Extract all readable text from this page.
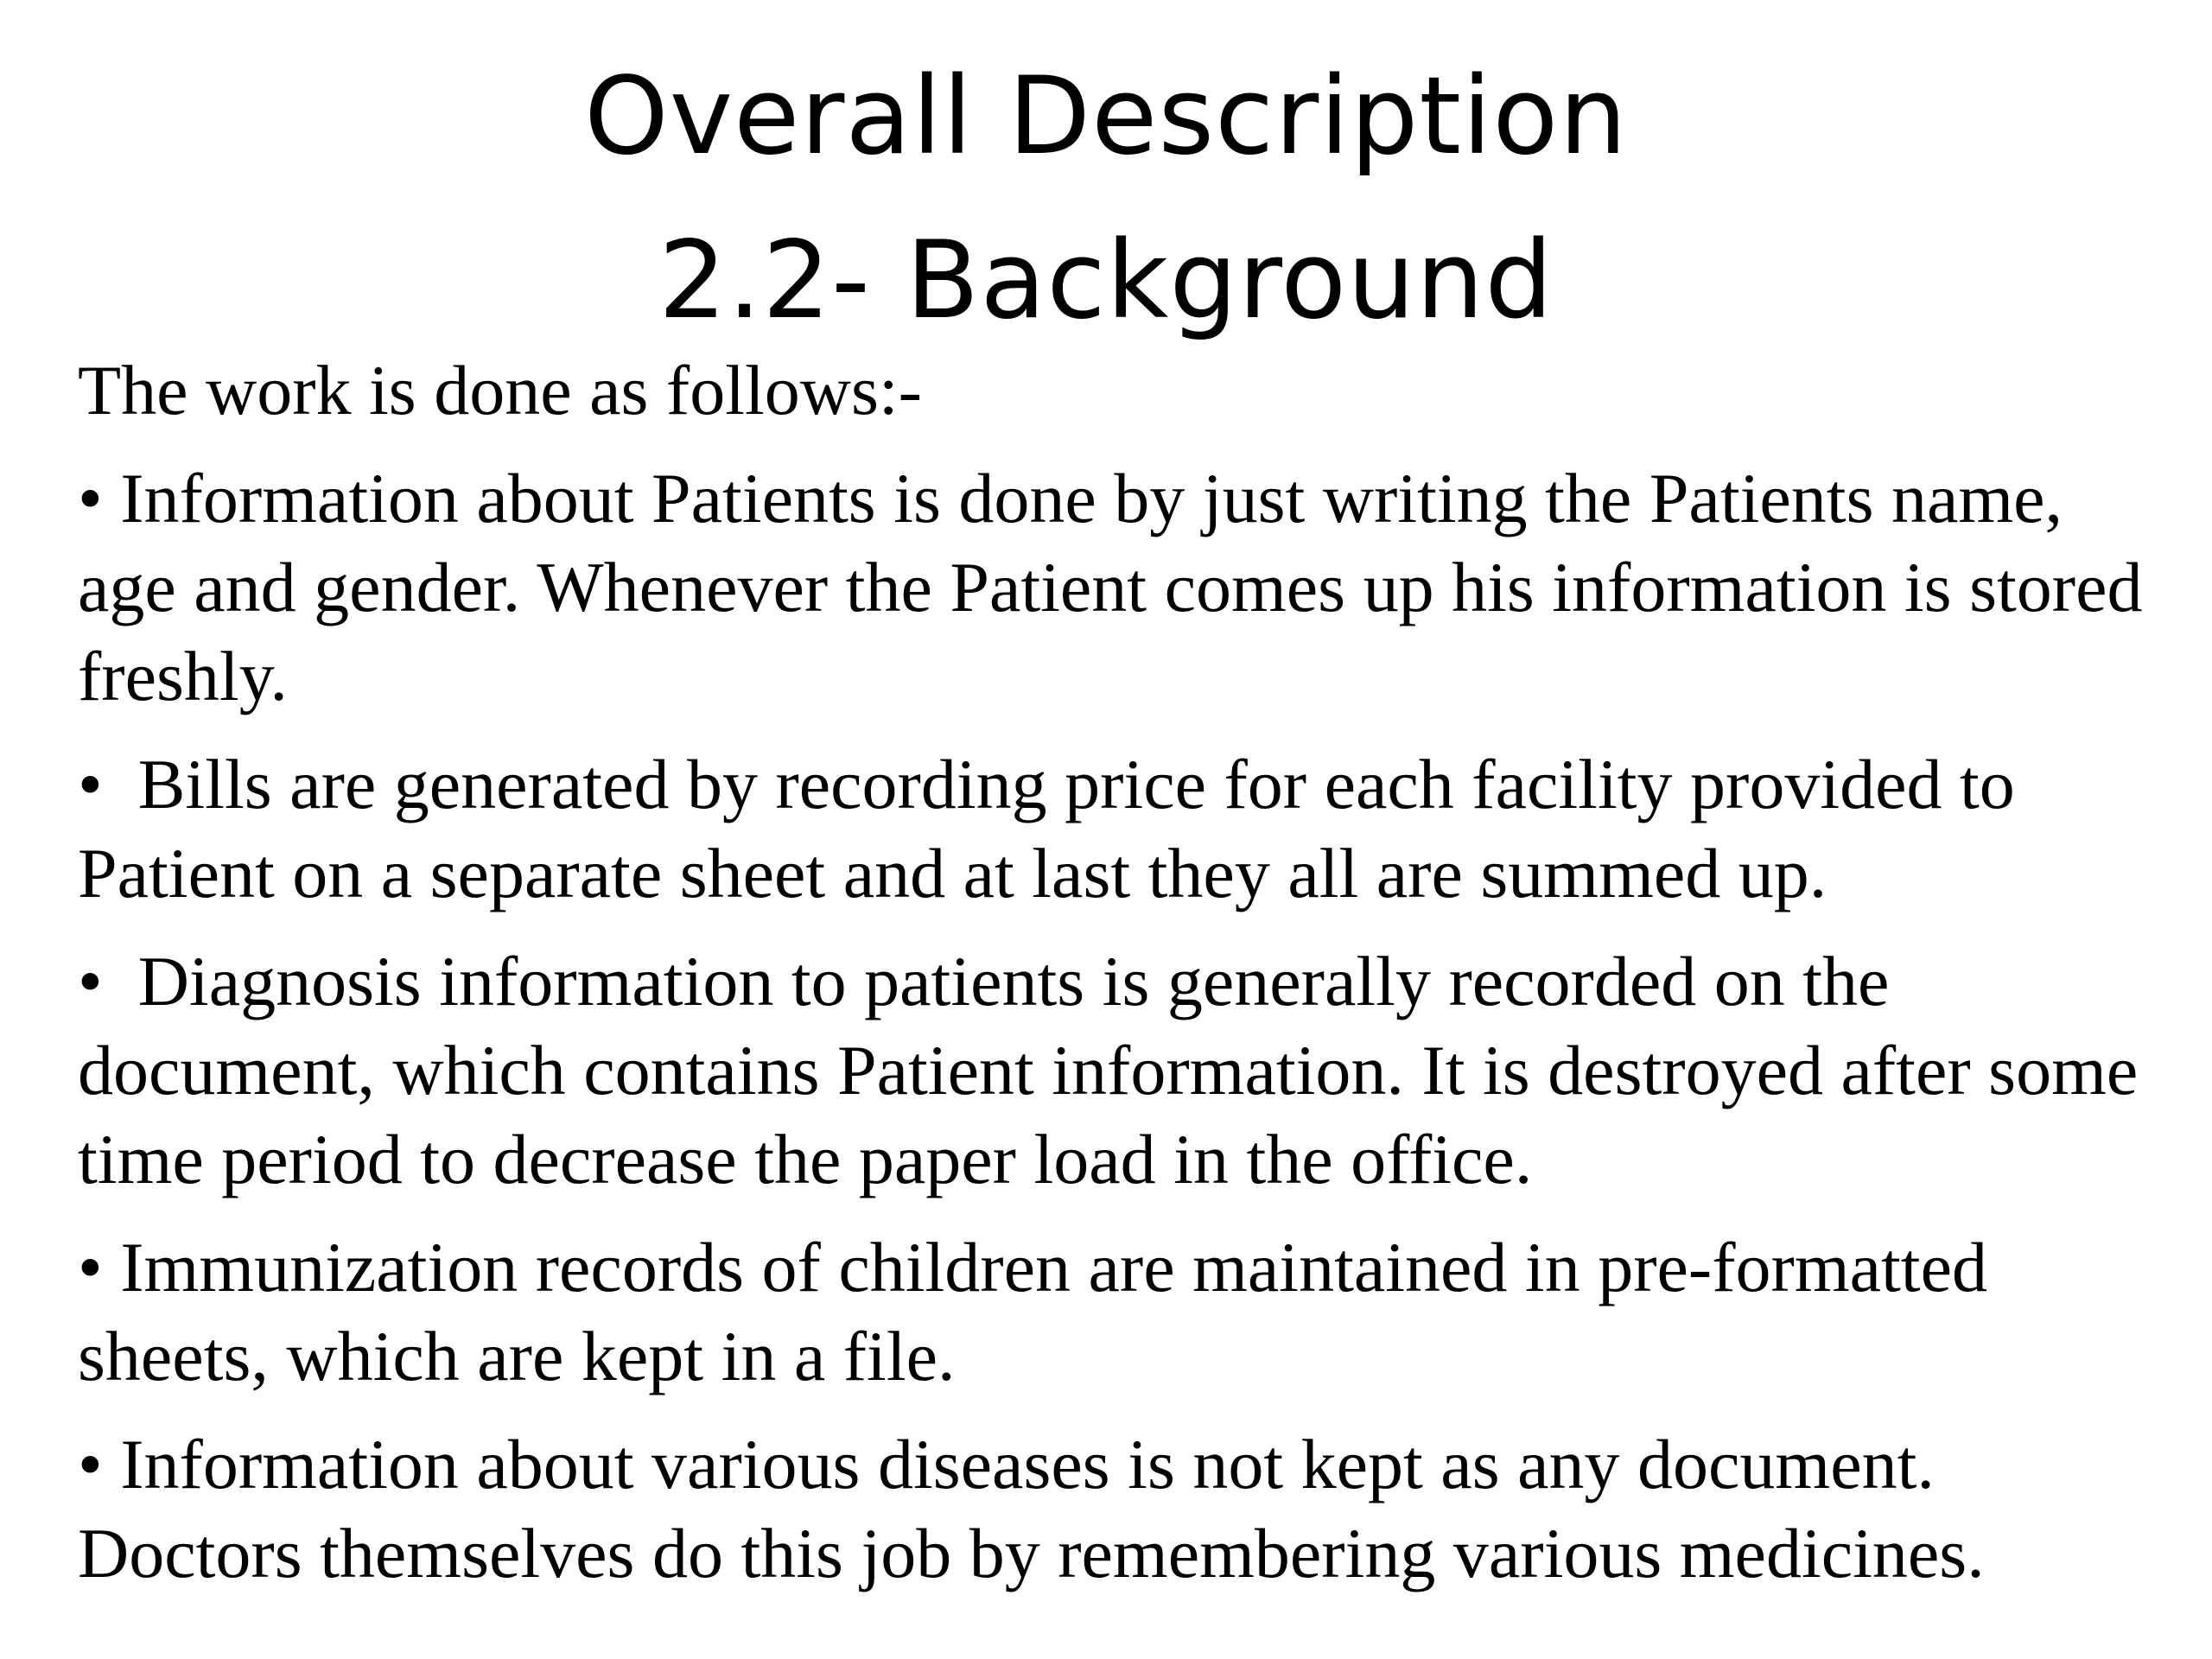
Overall Description
2.2- Background

The work is done as follows:-

• Information about Patients is done by just writing the Patients name, age and gender. Whenever the Patient comes up his information is stored freshly.

•  Bills are generated by recording price for each facility provided to Patient on a separate sheet and at last they all are summed up.

•  Diagnosis information to patients is generally recorded on the document, which contains Patient information. It is destroyed after some time period to decrease the paper load in the office.

• Immunization records of children are maintained in pre-formatted sheets, which are kept in a file.

• Information about various diseases is not kept as any document. Doctors themselves do this job by remembering various medicines.
